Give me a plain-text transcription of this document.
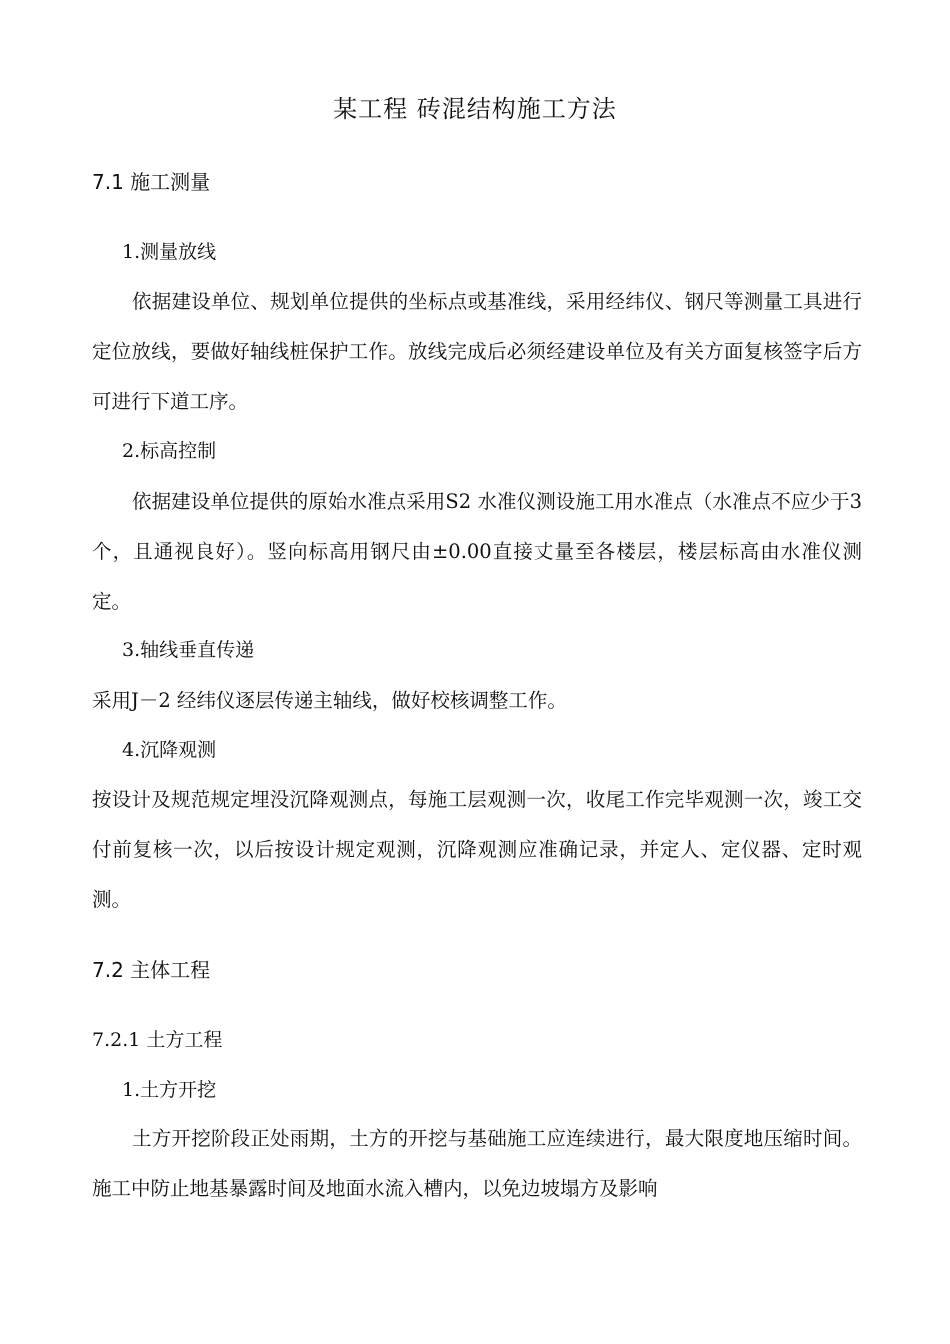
某工程 砖混结构施工方法
7.1 施工测量
1.测量放线
依据建设单位、规划单位提供的坐标点或基准线，采用经纬仪、钢尺等测量工具进行定位放线，要做好轴线桩保护工作。放线完成后必须经建设单位及有关方面复核签字后方可进行下道工序。
2.标高控制
依据建设单位提供的原始水准点采用S2 水准仪测设施工用水准点（水准点不应少于3 个，且通视良好）。竖向标高用钢尺由±0.00直接丈量至各楼层，楼层标高由水准仪测定。
3.轴线垂直传递
采用J－2 经纬仪逐层传递主轴线，做好校核调整工作。
4.沉降观测
按设计及规范规定埋没沉降观测点，每施工层观测一次，收尾工作完毕观测一次，竣工交付前复核一次，以后按设计规定观测，沉降观测应准确记录，并定人、定仪器、定时观测。
7.2 主体工程
7.2.1 土方工程
1.土方开挖
土方开挖阶段正处雨期，土方的开挖与基础施工应连续进行，最大限度地压缩时间。施工中防止地基暴露时间及地面水流入槽内，以免边坡塌方及影响
